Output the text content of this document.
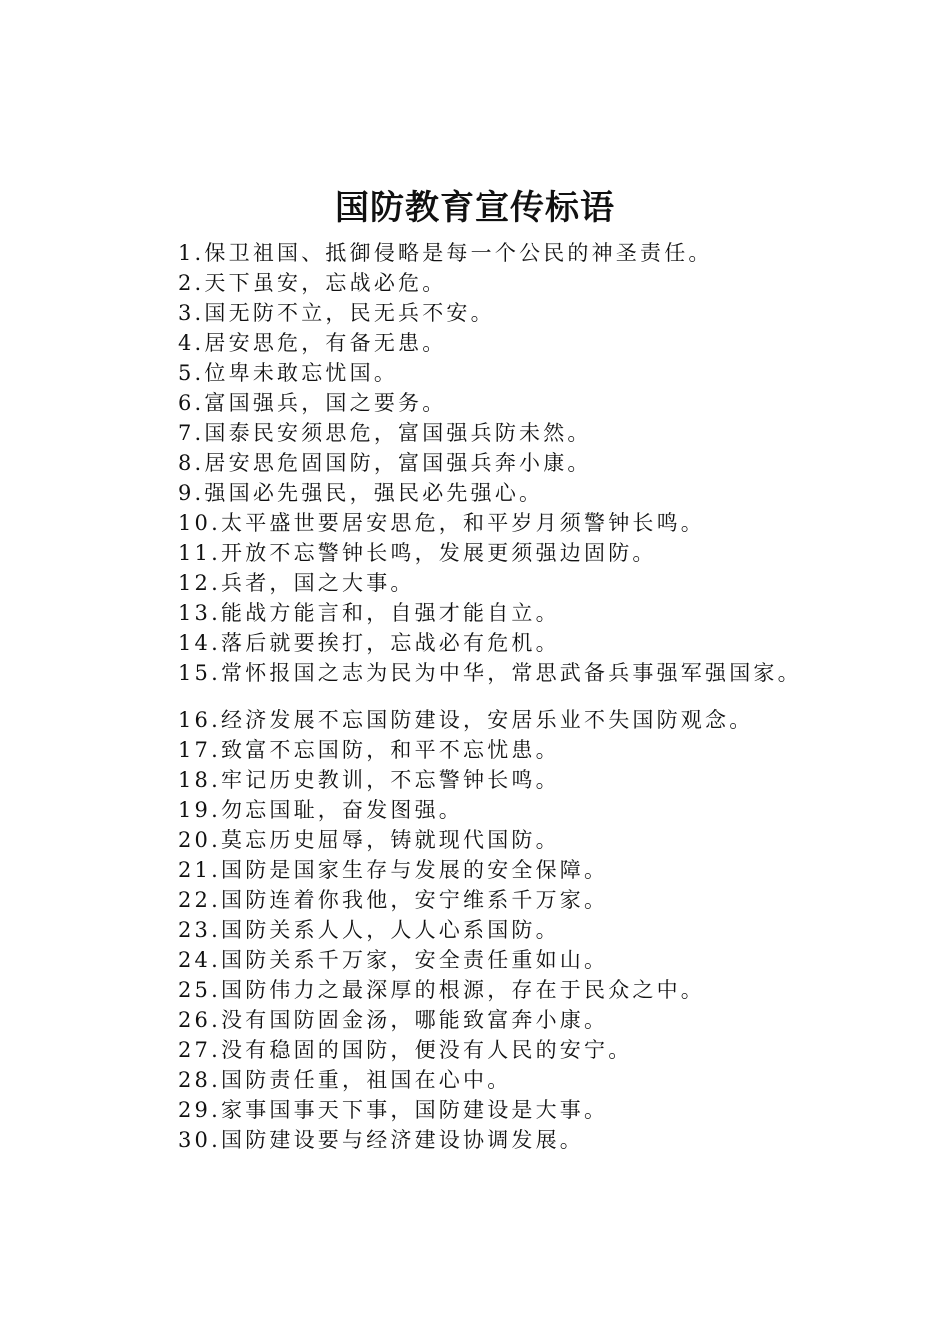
国防教育宣传标语
1.保卫祖国、抵御侵略是每一个公民的神圣责任。
2.天下虽安，忘战必危。
3.国无防不立，民无兵不安。
4.居安思危，有备无患。
5.位卑未敢忘忧国。
6.富国强兵，国之要务。
7.国泰民安须思危，富国强兵防未然。
8.居安思危固国防，富国强兵奔小康。
9.强国必先强民，强民必先强心。
10.太平盛世要居安思危，和平岁月须警钟长鸣。
11.开放不忘警钟长鸣，发展更须强边固防。
12.兵者，国之大事。
13.能战方能言和，自强才能自立。
14.落后就要挨打，忘战必有危机。
15.常怀报国之志为民为中华，常思武备兵事强军强国家。
16.经济发展不忘国防建设，安居乐业不失国防观念。
17.致富不忘国防，和平不忘忧患。
18.牢记历史教训，不忘警钟长鸣。
19.勿忘国耻，奋发图强。
20.莫忘历史屈辱，铸就现代国防。
21.国防是国家生存与发展的安全保障。
22.国防连着你我他，安宁维系千万家。
23.国防关系人人，人人心系国防。
24.国防关系千万家，安全责任重如山。
25.国防伟力之最深厚的根源，存在于民众之中。
26.没有国防固金汤，哪能致富奔小康。
27.没有稳固的国防，便没有人民的安宁。
28.国防责任重，祖国在心中。
29.家事国事天下事，国防建设是大事。
30.国防建设要与经济建设协调发展。
